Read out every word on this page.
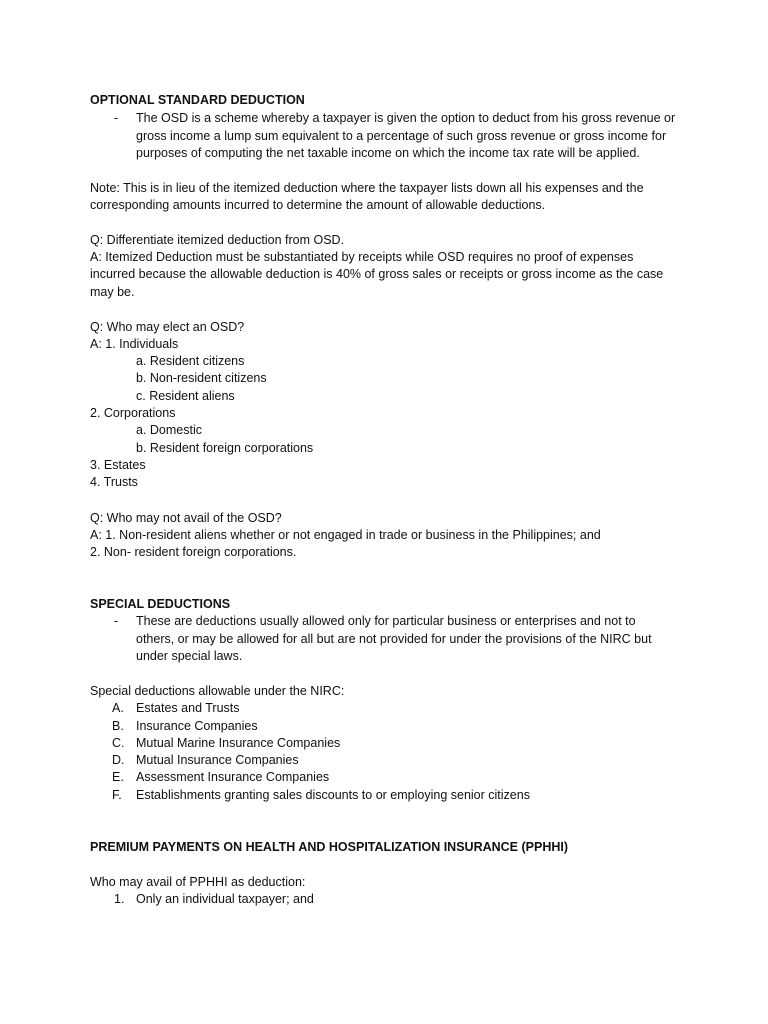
OPTIONAL STANDARD DEDUCTION
- The OSD is a scheme whereby a taxpayer is given the option to deduct from his gross revenue or
gross income a lump sum equivalent to a percentage of such gross revenue or gross income for
purposes of computing the net taxable income on which the income tax rate will be applied.
Note: This is in lieu of the itemized deduction where the taxpayer lists down all his expenses and the
corresponding amounts incurred to determine the amount of allowable deductions.
Q: Differentiate itemized deduction from OSD.
A: Itemized Deduction must be substantiated by receipts while OSD requires no proof of expenses
incurred because the allowable deduction is 40% of gross sales or receipts or gross income as the case
may be.
Q: Who may elect an OSD?
A: 1. Individuals
a. Resident citizens
b. Non-resident citizens
c. Resident aliens
2. Corporations
a. Domestic
b. Resident foreign corporations
3. Estates
4. Trusts
Q: Who may not avail of the OSD?
A: 1. Non-resident aliens whether or not engaged in trade or business in the Philippines; and
2. Non- resident foreign corporations.
SPECIAL DEDUCTIONS
- These are deductions usually allowed only for particular business or enterprises and not to
others, or may be allowed for all but are not provided for under the provisions of the NIRC but
under special laws.
Special deductions allowable under the NIRC:
A. Estates and Trusts
B. Insurance Companies
C. Mutual Marine Insurance Companies
D. Mutual Insurance Companies
E. Assessment Insurance Companies
F. Establishments granting sales discounts to or employing senior citizens
PREMIUM PAYMENTS ON HEALTH AND HOSPITALIZATION INSURANCE (PPHHI)
Who may avail of PPHHI as deduction:
1. Only an individual taxpayer; and
